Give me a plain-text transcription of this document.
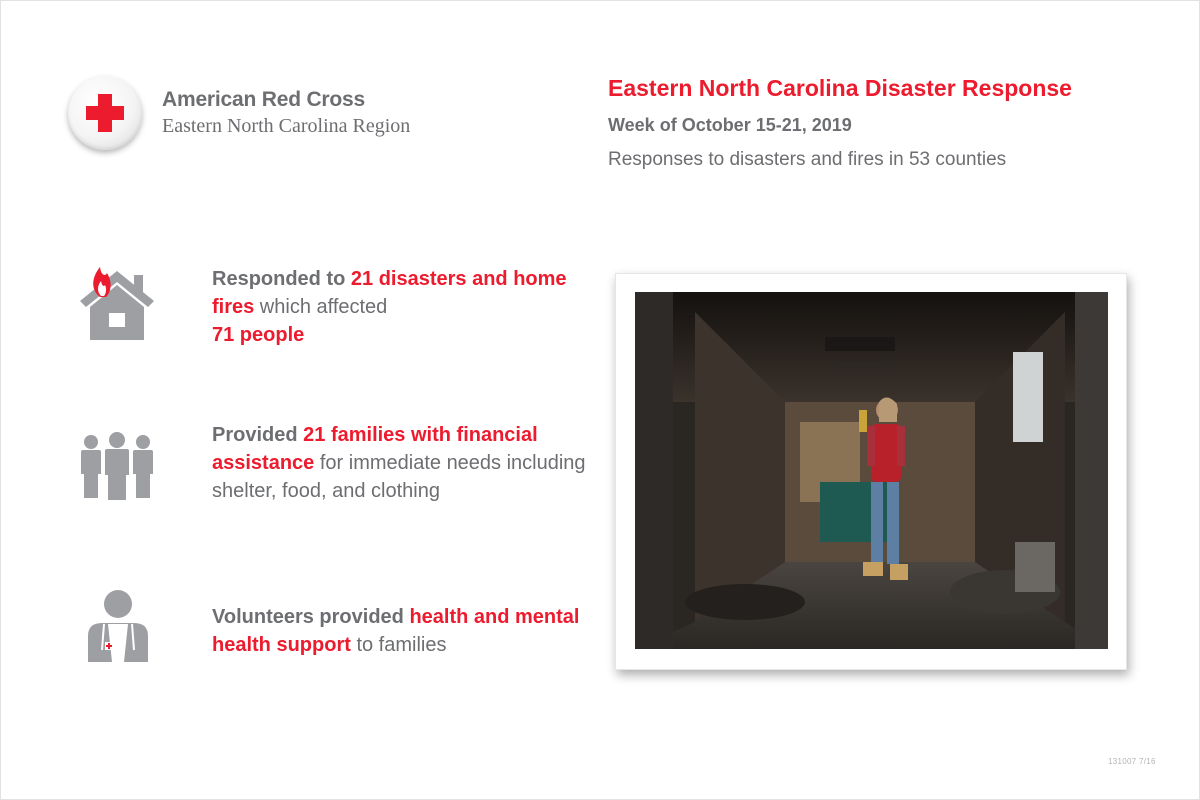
American Red Cross
Eastern North Carolina Region
Eastern North Carolina Disaster Response
Week of October 15-21, 2019
Responses to disasters and fires in 53 counties
Responded to 21 disasters and home fires which affected
71 people
Provided 21 families with financial assistance for immediate needs including shelter, food, and clothing
Volunteers provided health and mental health support to families
131007 7/16
